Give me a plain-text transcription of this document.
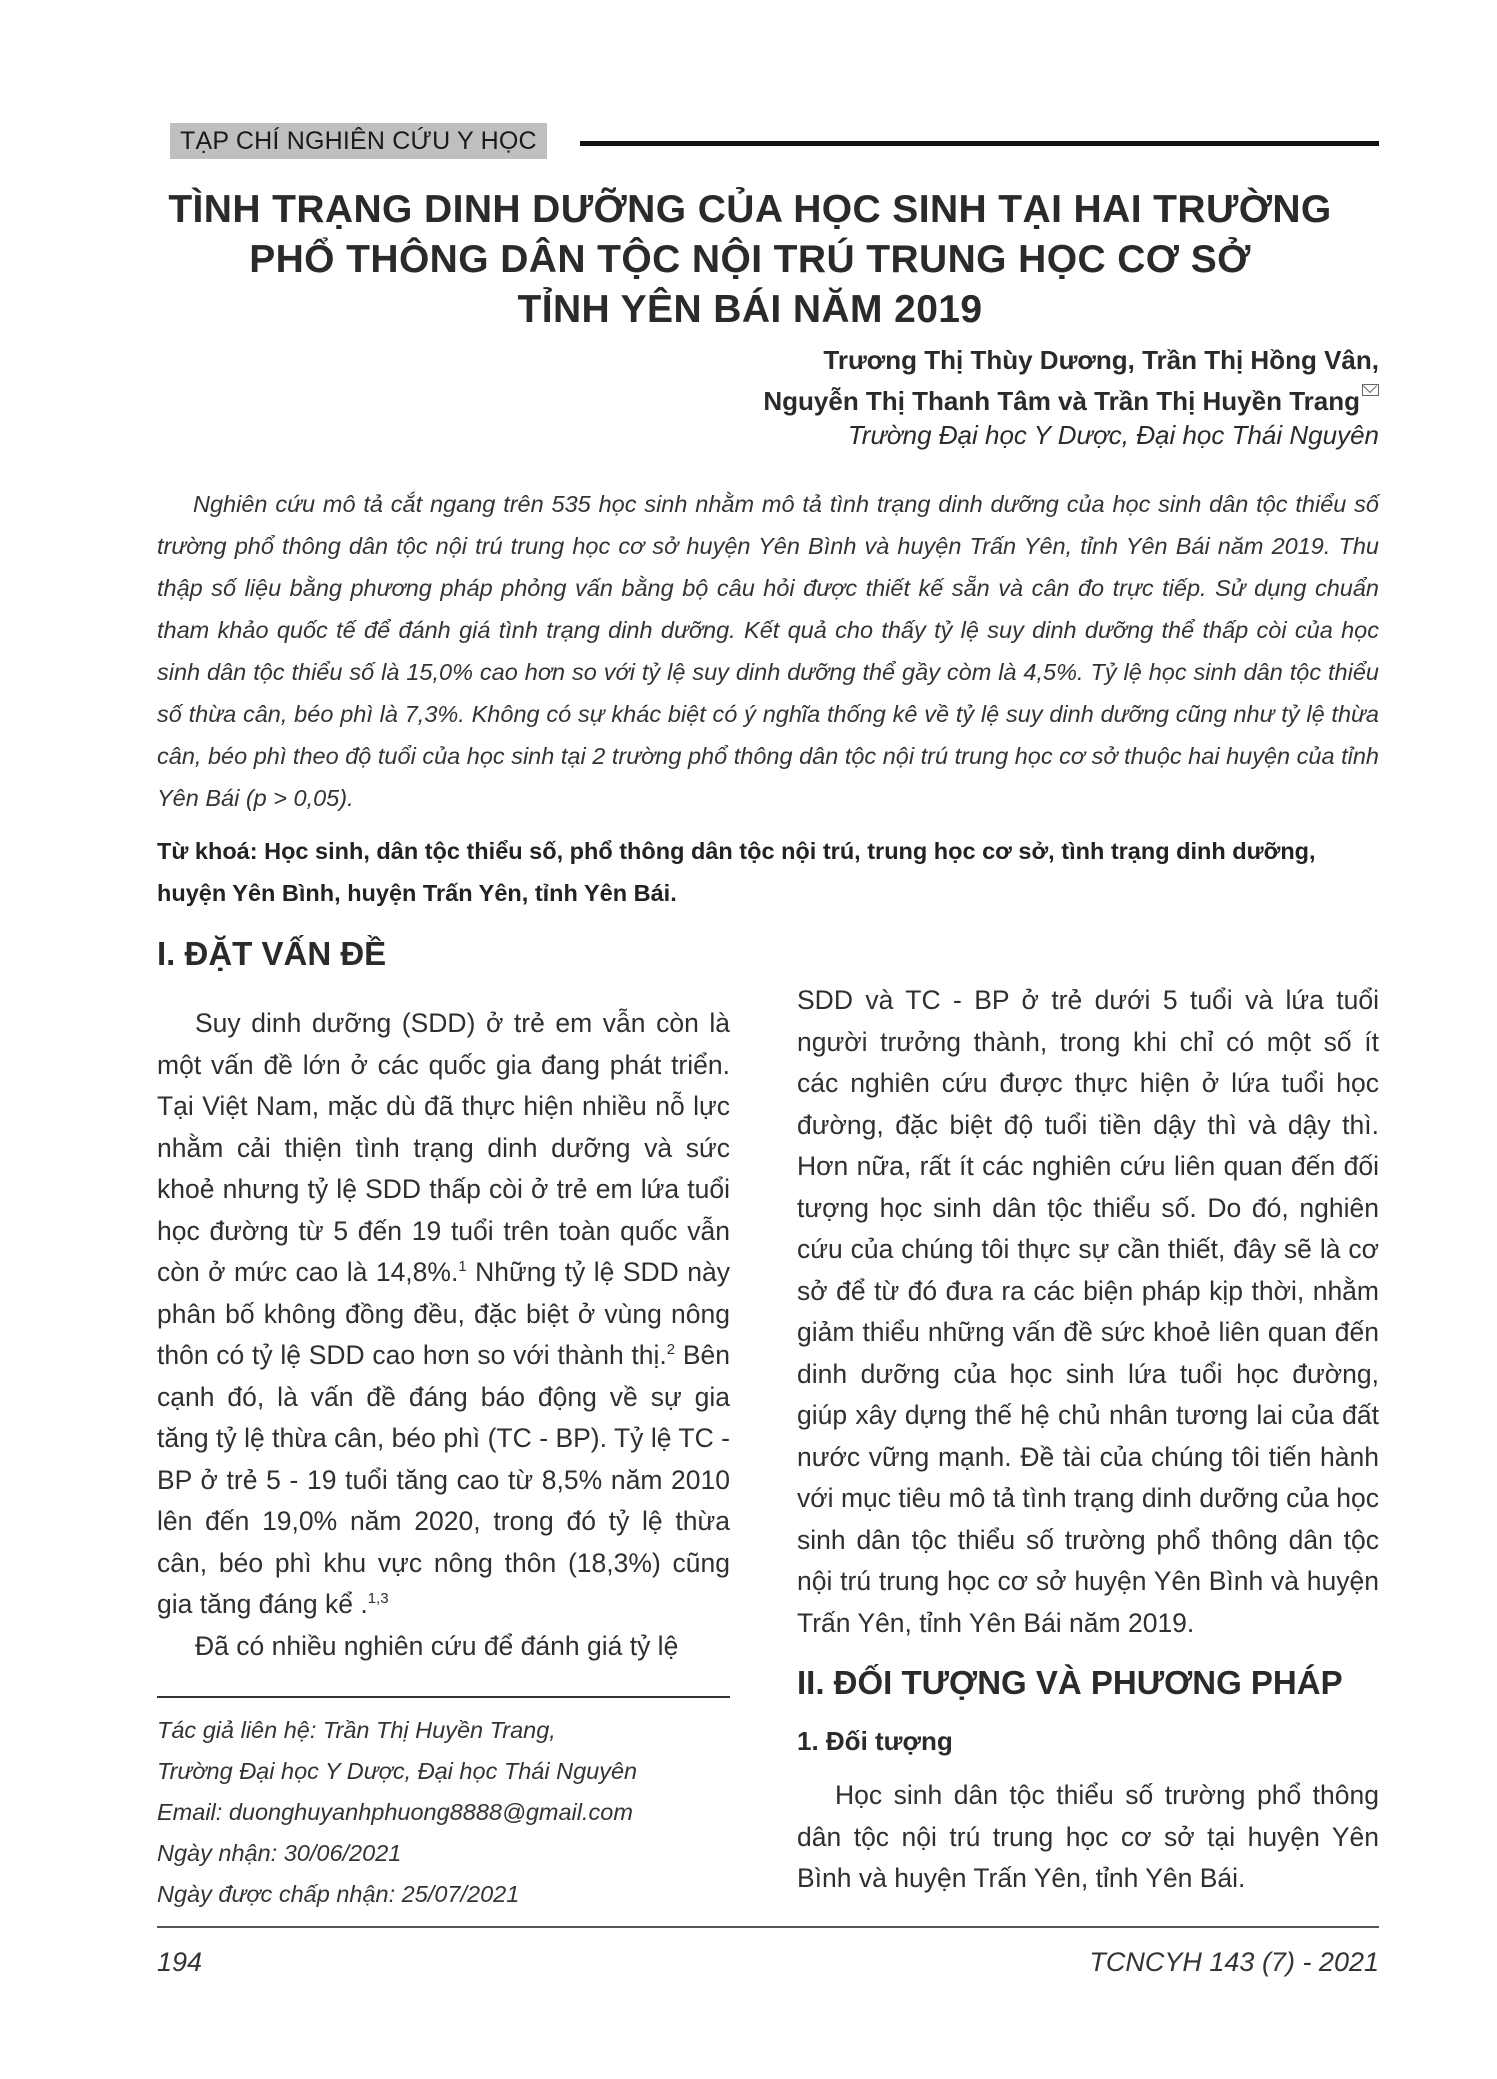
TẠP CHÍ NGHIÊN CỨU Y HỌC
TÌNH TRẠNG DINH DƯỠNG CỦA HỌC SINH TẠI HAI TRƯỜNG
PHỔ THÔNG DÂN TỘC NỘI TRÚ TRUNG HỌC CƠ SỞ
TỈNH YÊN BÁI NĂM 2019
Trương Thị Thùy Dương, Trần Thị Hồng Vân,
Nguyễn Thị Thanh Tâm và Trần Thị Huyền Trang
Trường Đại học Y Dược, Đại học Thái Nguyên

Nghiên cứu mô tả cắt ngang trên 535 học sinh nhằm mô tả tình trạng dinh dưỡng của học sinh dân tộc thiểu số trường phổ thông dân tộc nội trú trung học cơ sở huyện Yên Bình và huyện Trấn Yên, tỉnh Yên Bái năm 2019. Thu thập số liệu bằng phương pháp phỏng vấn bằng bộ câu hỏi được thiết kế sẵn và cân đo trực tiếp. Sử dụng chuẩn tham khảo quốc tế để đánh giá tình trạng dinh dưỡng. Kết quả cho thấy tỷ lệ suy dinh dưỡng thể thấp còi của học sinh dân tộc thiểu số là 15,0% cao hơn so với tỷ lệ suy dinh dưỡng thể gầy còm là 4,5%. Tỷ lệ học sinh dân tộc thiểu số thừa cân, béo phì là 7,3%. Không có sự khác biệt có ý nghĩa thống kê về tỷ lệ suy dinh dưỡng cũng như tỷ lệ thừa cân, béo phì theo độ tuổi của học sinh tại 2 trường phổ thông dân tộc nội trú trung học cơ sở thuộc hai huyện của tỉnh Yên Bái (p > 0,05).

Từ khoá: Học sinh, dân tộc thiểu số, phổ thông dân tộc nội trú, trung học cơ sở, tình trạng dinh dưỡng, huyện Yên Bình, huyện Trấn Yên, tỉnh Yên Bái.
I. ĐẶT VẤN ĐỀ

Suy dinh dưỡng (SDD) ở trẻ em vẫn còn là một vấn đề lớn ở các quốc gia đang phát triển. Tại Việt Nam, mặc dù đã thực hiện nhiều nỗ lực nhằm cải thiện tình trạng dinh dưỡng và sức khoẻ nhưng tỷ lệ SDD thấp còi ở trẻ em lứa tuổi học đường từ 5 đến 19 tuổi trên toàn quốc vẫn còn ở mức cao là 14,8%.$^1$ Những tỷ lệ SDD này phân bố không đồng đều, đặc biệt ở vùng nông thôn có tỷ lệ SDD cao hơn so với thành thị.$^2$ Bên cạnh đó, là vấn đề đáng báo động về sự gia tăng tỷ lệ thừa cân, béo phì (TC - BP). Tỷ lệ TC - BP ở trẻ 5 - 19 tuổi tăng cao từ 8,5% năm 2010 lên đến 19,0% năm 2020, trong đó tỷ lệ thừa cân, béo phì khu vực nông thôn (18,3%) cũng gia tăng đáng kể .$^{1,3}$

Đã có nhiều nghiên cứu để đánh giá tỷ lệ

SDD và TC - BP ở trẻ dưới 5 tuổi và lứa tuổi người trưởng thành, trong khi chỉ có một số ít các nghiên cứu được thực hiện ở lứa tuổi học đường, đặc biệt độ tuổi tiền dậy thì và dậy thì. Hơn nữa, rất ít các nghiên cứu liên quan đến đối tượng học sinh dân tộc thiểu số. Do đó, nghiên cứu của chúng tôi thực sự cần thiết, đây sẽ là cơ sở để từ đó đưa ra các biện pháp kịp thời, nhằm giảm thiểu những vấn đề sức khoẻ liên quan đến dinh dưỡng của học sinh lứa tuổi học đường, giúp xây dựng thế hệ chủ nhân tương lai của đất nước vững mạnh. Đề tài của chúng tôi tiến hành với mục tiêu mô tả tình trạng dinh dưỡng của học sinh dân tộc thiểu số trường phổ thông dân tộc nội trú trung học cơ sở huyện Yên Bình và huyện Trấn Yên, tỉnh Yên Bái năm 2019.

II. ĐỐI TƯỢNG VÀ PHƯƠNG PHÁP
1. Đối tượng

Học sinh dân tộc thiểu số trường phổ thông dân tộc nội trú trung học cơ sở tại huyện Yên Bình và huyện Trấn Yên, tỉnh Yên Bái.

Tác giả liên hệ: Trần Thị Huyền Trang,
Trường Đại học Y Dược, Đại học Thái Nguyên
Email: duonghuyanhphuong8888@gmail.com
Ngày nhận: 30/06/2021
Ngày được chấp nhận: 25/07/2021
194	TCNCYH 143 (7) - 2021
